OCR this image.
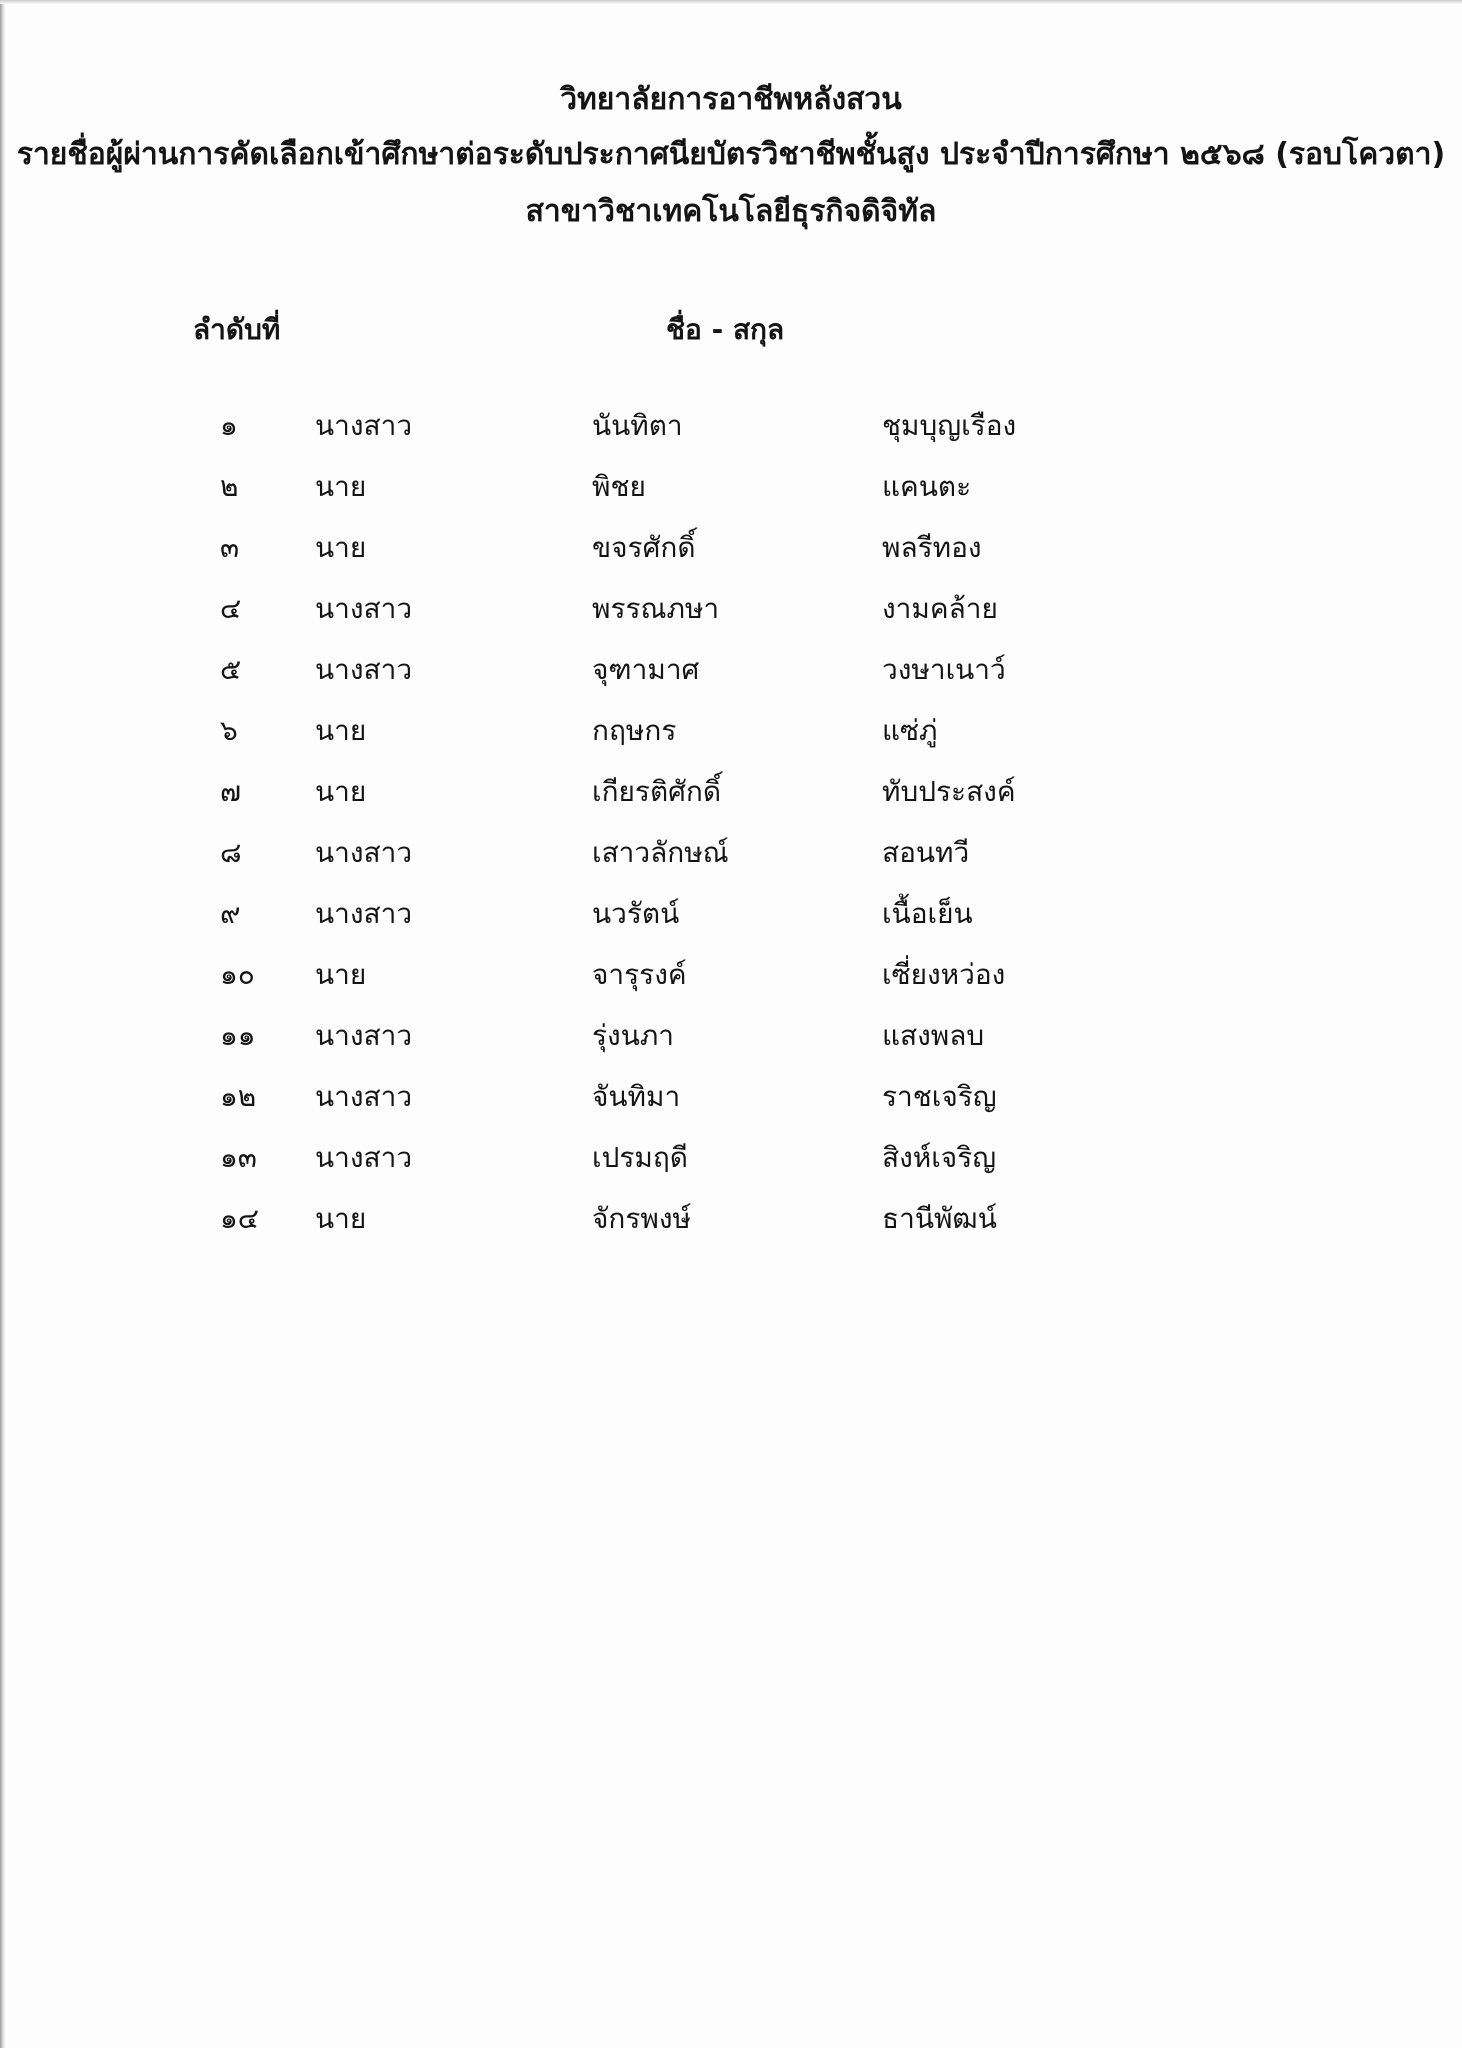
วิทยาลัยการอาชีพหลังสวน
รายชื่อผู้ผ่านการคัดเลือกเข้าศึกษาต่อระดับประกาศนียบัตรวิชาชีพชั้นสูง ประจำปีการศึกษา ๒๕๖๘ (รอบโควตา)
สาขาวิชาเทคโนโลยีธุรกิจดิจิทัล
ลำดับที่	ชื่อ - สกุล
๑	นางสาว	นันทิตา	ชุมบุญเรือง
๒	นาย	พิชย	แคนตะ
๓	นาย	ขจรศักดิ์	พลรีทอง
๔	นางสาว	พรรณภษา	งามคล้าย
๕	นางสาว	จุฑามาศ	วงษาเนาว์
๖	นาย	กฤษกร	แซ่ภู่
๗	นาย	เกียรติศักดิ์	ทับประสงค์
๘	นางสาว	เสาวลักษณ์	สอนทวี
๙	นางสาว	นวรัตน์	เนื้อเย็น
๑๐	นาย	จารุรงค์	เซี่ยงหว่อง
๑๑	นางสาว	รุ่งนภา	แสงพลบ
๑๒	นางสาว	จันทิมา	ราชเจริญ
๑๓	นางสาว	เปรมฤดี	สิงห์เจริญ
๑๔	นาย	จักรพงษ์	ธานีพัฒน์
